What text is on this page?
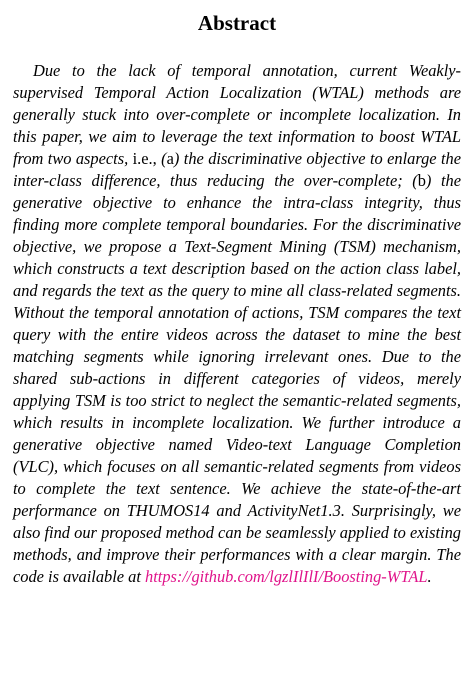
Abstract

Due to the lack of temporal annotation, current Weakly-supervised Temporal Action Localization (WTAL) methods are generally stuck into over-complete or incomplete localization. In this paper, we aim to leverage the text information to boost WTAL from two aspects, i.e., (a) the discriminative objective to enlarge the inter-class difference, thus reducing the over-complete; (b) the generative objective to enhance the intra-class integrity, thus finding more complete temporal boundaries. For the discriminative objective, we propose a Text-Segment Mining (TSM) mechanism, which constructs a text description based on the action class label, and regards the text as the query to mine all class-related segments. Without the temporal annotation of actions, TSM compares the text query with the entire videos across the dataset to mine the best matching segments while ignoring irrelevant ones. Due to the shared sub-actions in different categories of videos, merely applying TSM is too strict to neglect the semantic-related segments, which results in incomplete localization. We further introduce a generative objective named Video-text Language Completion (VLC), which focuses on all semantic-related segments from videos to complete the text sentence. We achieve the state-of-the-art performance on THUMOS14 and ActivityNet1.3. Surprisingly, we also find our proposed method can be seamlessly applied to existing methods, and improve their performances with a clear margin. The code is available at https://github.com/lgzlIlIlI/Boosting-WTAL.
